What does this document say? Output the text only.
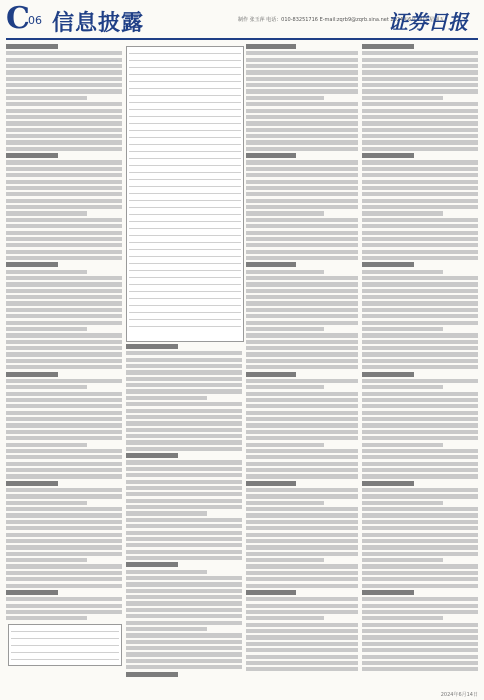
C
06 信息披露	制作 张玉萍 电话：010-83251716 E-mail:zqrb9@zqrb.sina.net 2024年6月14日 星期五
证券日报
2024年6月14日
